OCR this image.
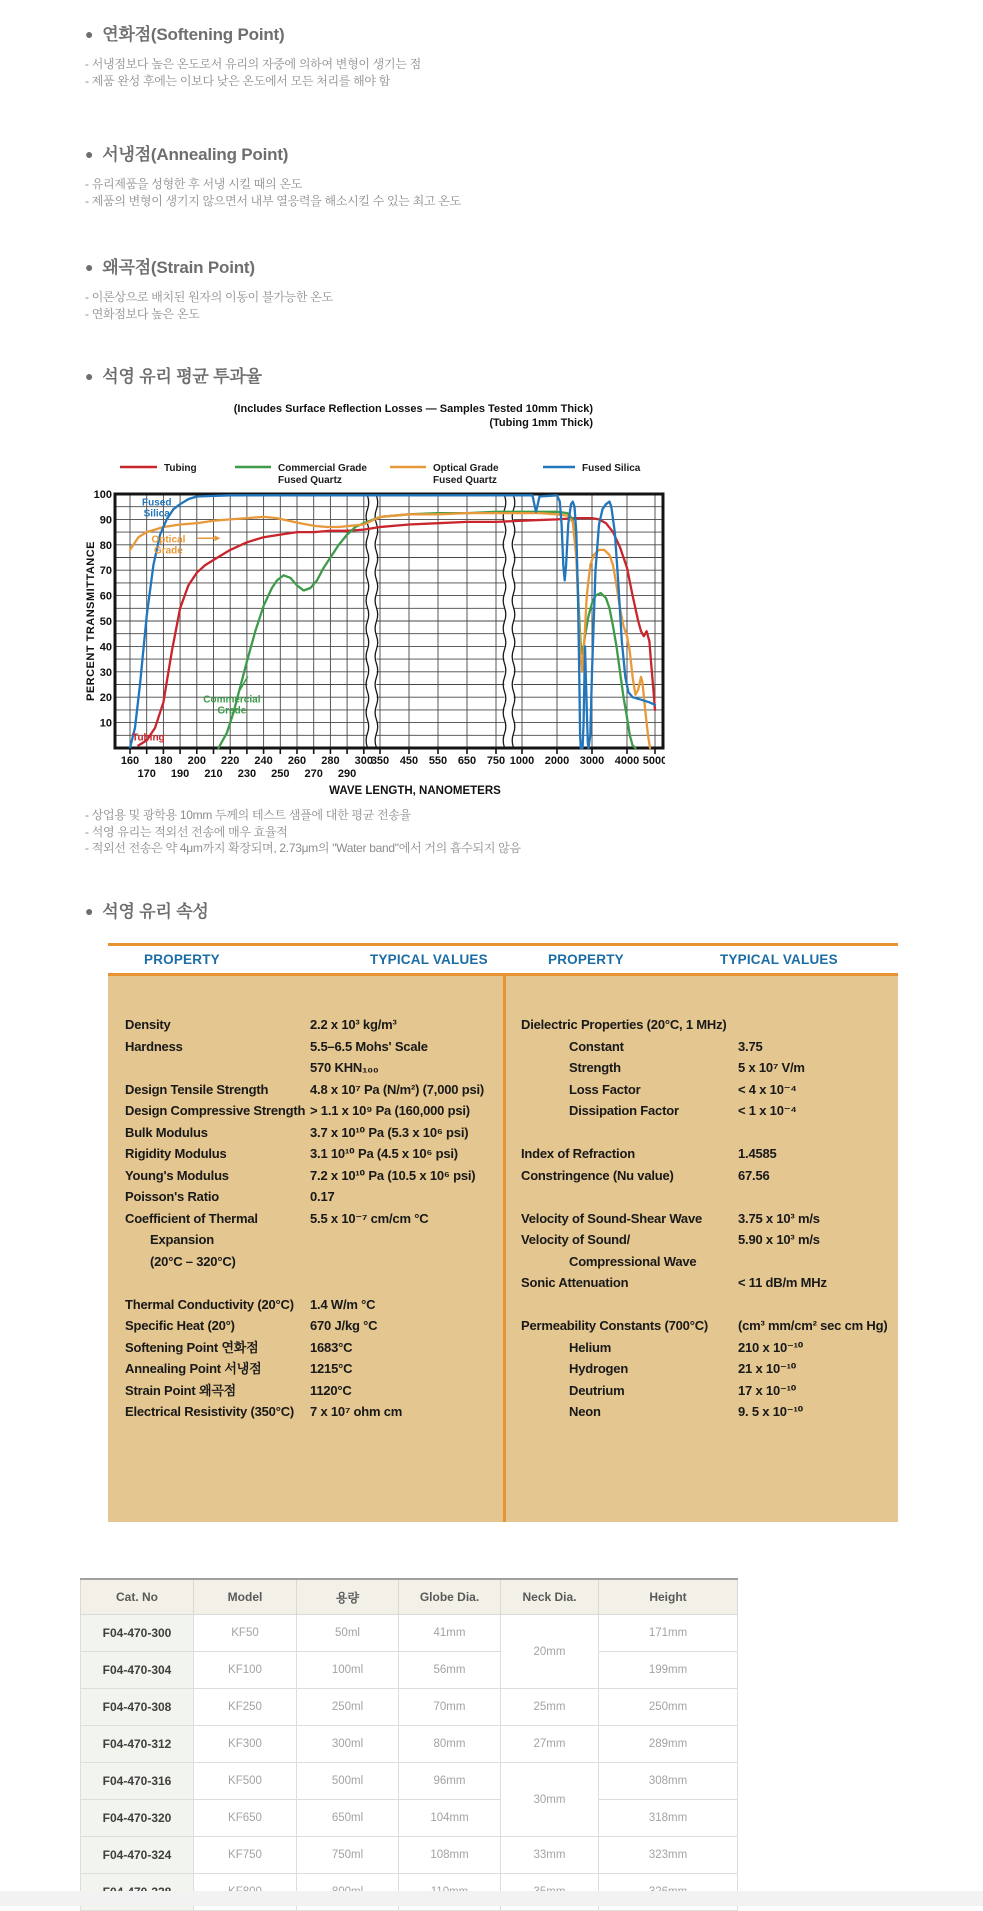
● 연화점(Softening Point)
- 서냉점보다 높은 온도로서 유리의 자중에 의하여 변형이 생기는 점
- 제품 완성 후에는 이보다 낮은 온도에서 모든 처리를 해야 함
● 서냉점(Annealing Point)
- 유리제품을 성형한 후 서냉 시킬 때의 온도
- 제품의 변형이 생기지 않으면서 내부 열응력을 해소시킬 수 있는 최고 온도
● 왜곡점(Strain Point)
- 이론상으로 배치된 원자의 이동이 불가능한 온도
- 연화점보다 높은 온도
● 석영 유리 평균 투과율
(Includes Surface Reflection Losses — Samples Tested 10mm Thick)
(Tubing 1mm Thick)
Tubing	Commercial Grade
Fused Quartz
Optical Grade
Fused Quartz
Fused Silica
Fused
Silica
Optical
Grade
Commercial
Grade
Tubing
160
170
180
190
200
210
220
230
240
250
260
270
280
290
300
350 450 550 650 750 1000 2000 3000 4000 5000
WAVE LENGTH, NANOMETERS
10
20
30
40
50
60
70
80
90
100
PERCENT TRANSMITTANCE
- 상업용 및 광학용 10mm 두께의 테스트 샘플에 대한 평균 전송율
- 석영 유리는 적외선 전송에 매우 효율적
- 적외선 전송은 약 4μm까지 확장되며, 2.73μm의 "Water band"에서 거의 흡수되지 않음
● 석영 유리 속성
PROPERTY	TYPICAL VALUES	PROPERTY	TYPICAL VALUES
Density	2.2 x 10³ kg/m³
Hardness	5.5–6.5 Mohs' Scale
570 KHN₁₀₀
Design Tensile Strength	4.8 x 10⁷ Pa (N/m²) (7,000 psi)
Design Compressive Strength > 1.1 x 10⁹ Pa (160,000 psi)
Bulk Modulus	3.7 x 10¹⁰ Pa (5.3 x 10⁶ psi)
Rigidity Modulus	3.1 10¹⁰ Pa (4.5 x 10⁶ psi)
Young's Modulus	7.2 x 10¹⁰ Pa (10.5 x 10⁶ psi)
Poisson's Ratio	0.17
Coefficient of Thermal	5.5 x 10⁻⁷ cm/cm °C
Expansion
(20°C – 320°C)
Thermal Conductivity (20°C) 1.4 W/m °C
Specific Heat (20°)	670 J/kg °C
Softening Point 연화점	1683°C
Annealing Point 서냉점	1215°C
Strain Point 왜곡점	1120°C
Electrical Resistivity (350°C) 7 x 10⁷ ohm cm
Dielectric Properties (20°C, 1 MHz)
Constant	3.75
Strength	5 x 10⁷ V/m
Loss Factor	< 4 x 10⁻⁴
Dissipation Factor	< 1 x 10⁻⁴
Index of Refraction	1.4585
Constringence (Nu value)	67.56
Velocity of Sound-Shear Wave	3.75 x 10³ m/s
Velocity of Sound/	5.90 x 10³ m/s
Compressional Wave
Sonic Attenuation	< 11 dB/m MHz
Permeability Constants (700°C) (cm³ mm/cm² sec cm Hg)
Helium	210 x 10⁻¹⁰
Hydrogen	21 x 10⁻¹⁰
Deutrium	17 x 10⁻¹⁰
Neon	9. 5 x 10⁻¹⁰
Cat. No	Model	용량	Globe Dia.	Neck Dia.	Height
F04-470-300	KF50	50ml	41mm	20mm	171mm
F04-470-304	KF100	100ml	56mm		199mm
F04-470-308	KF250	250ml	70mm	25mm	250mm
F04-470-312	KF300	300ml	80mm	27mm	289mm
F04-470-316	KF500	500ml	96mm	30mm	308mm
F04-470-320	KF650	650ml	104mm		318mm
F04-470-324	KF750	750ml	108mm	33mm	323mm
